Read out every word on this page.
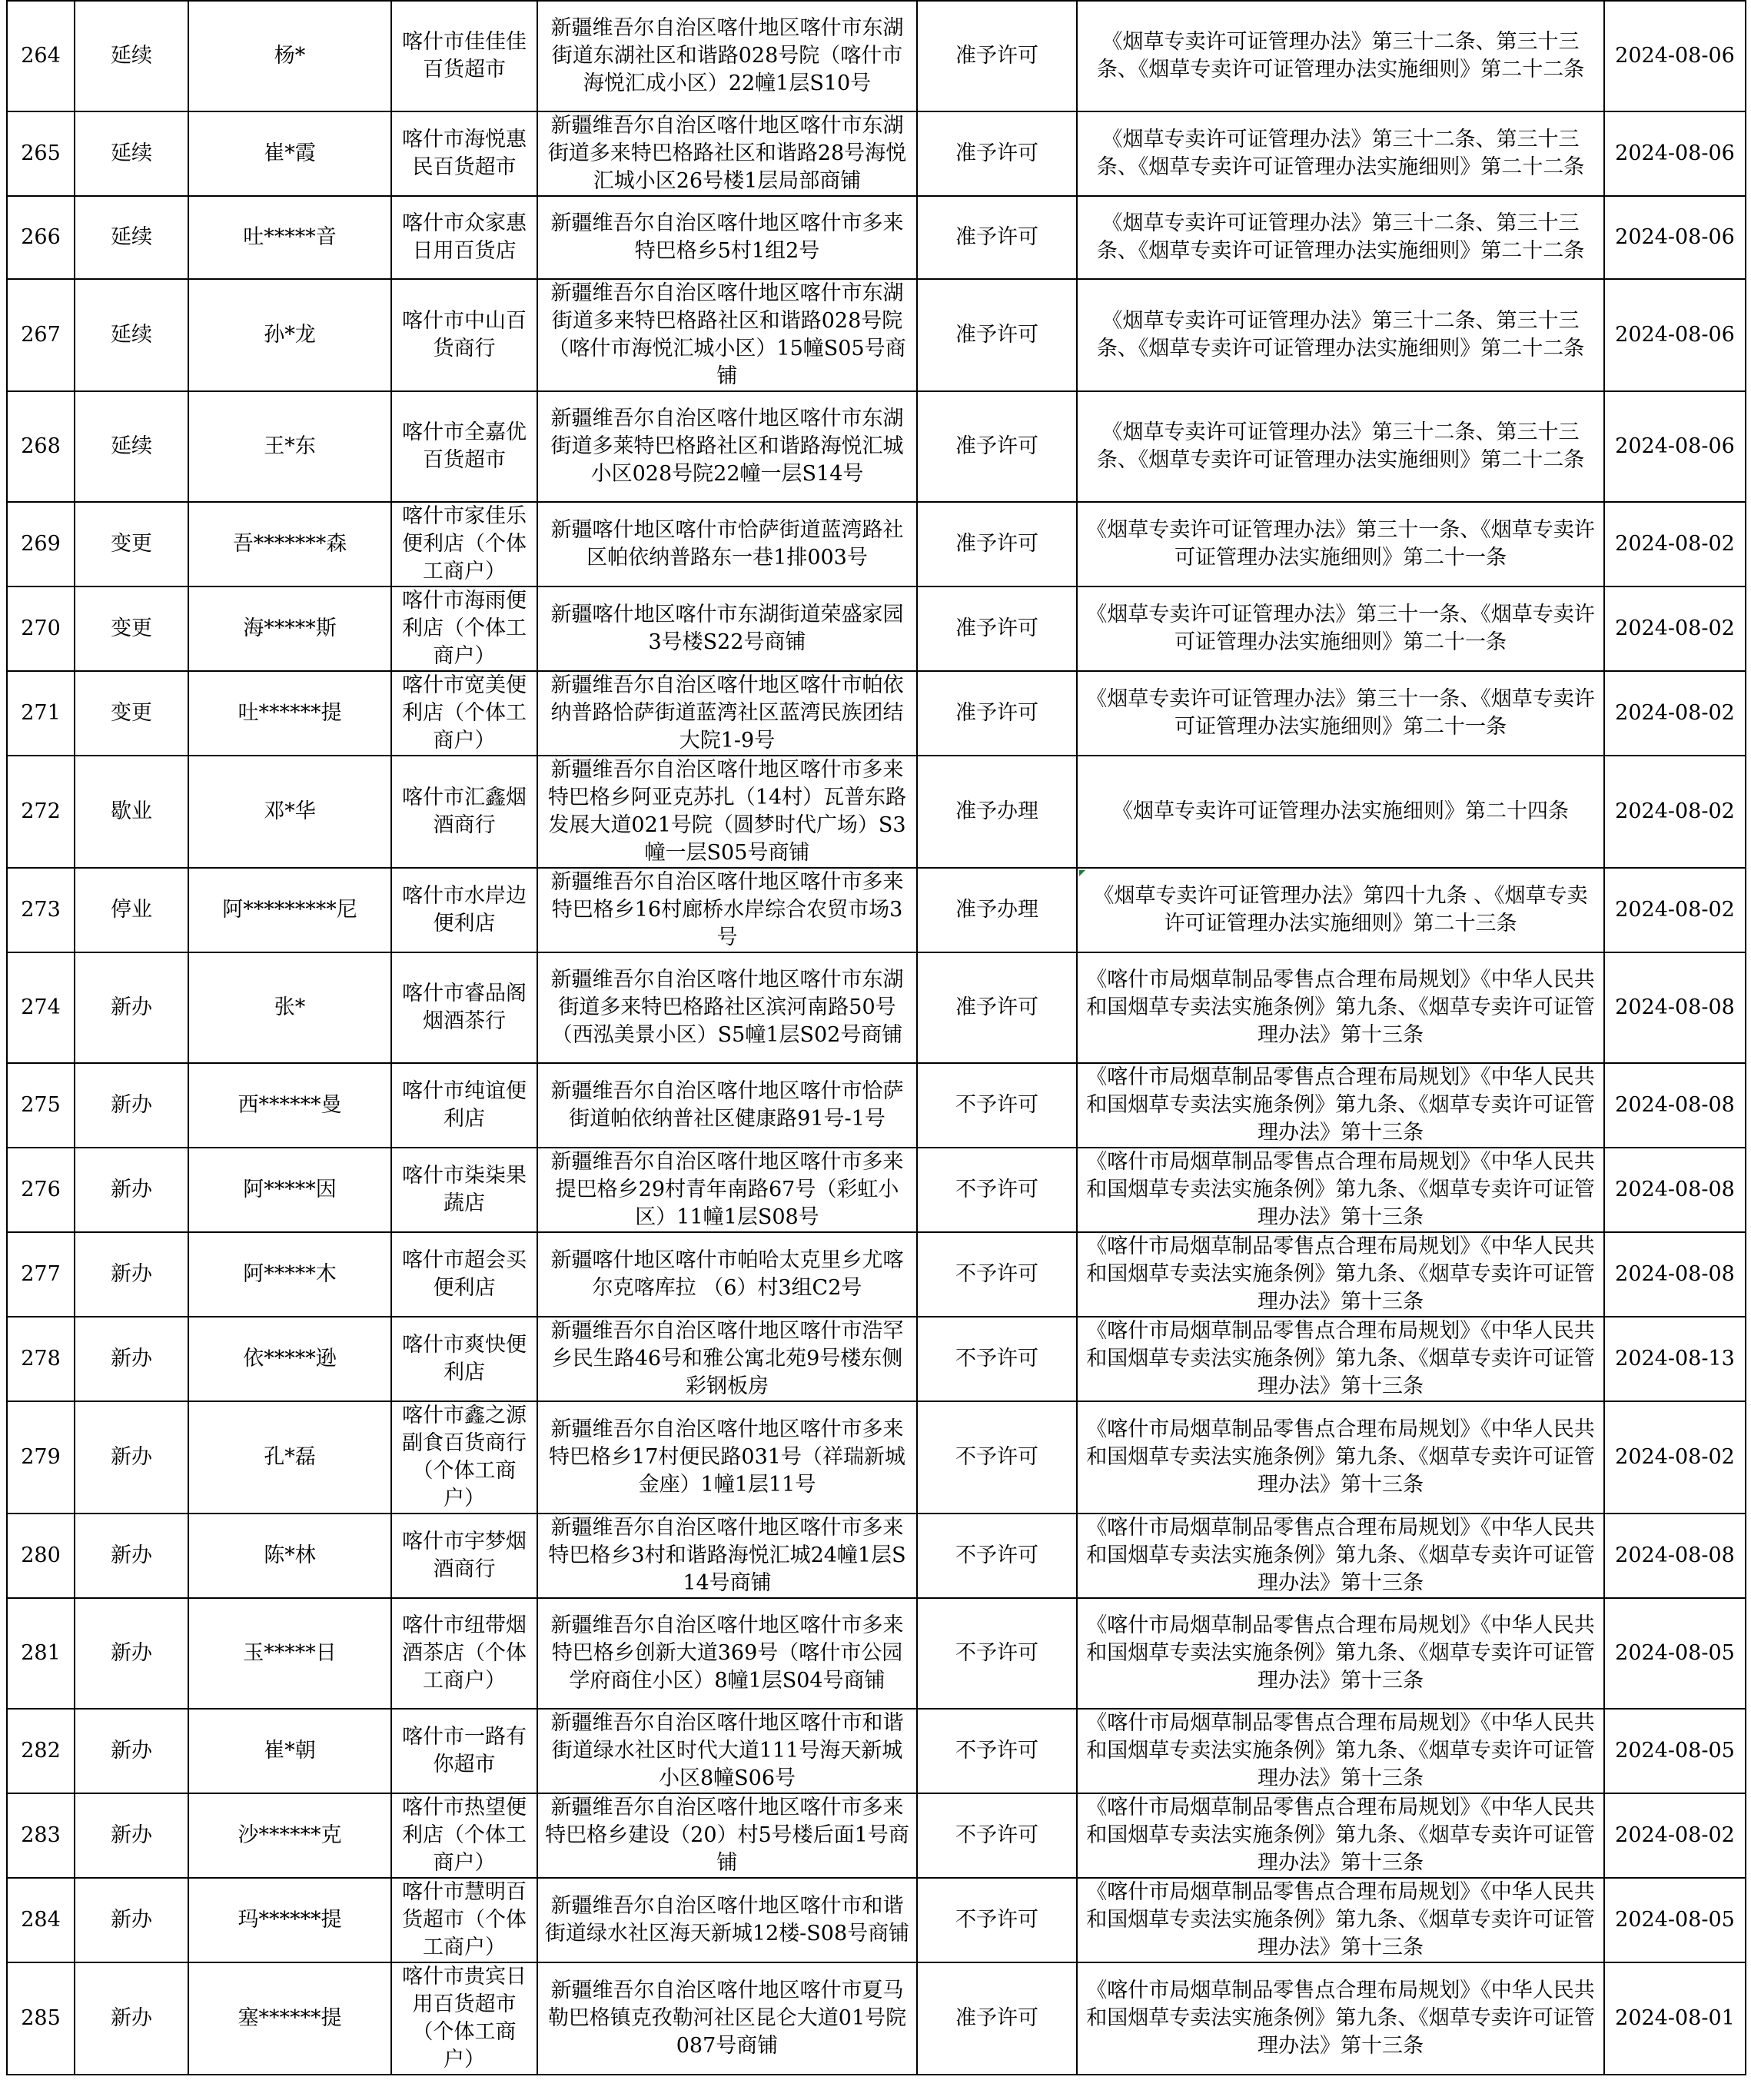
264	延续	杨*	喀什市佳佳佳百货超市	新疆维吾尔自治区喀什地区喀什市东湖街道东湖社区和谐路028号院（喀什市海悦汇成小区）22幢1层S10号	准予许可	《烟草专卖许可证管理办法》第三十二条、第三十三条、《烟草专卖许可证管理办法实施细则》第二十二条	2024-08-06
265	延续	崔*霞	喀什市海悦惠民百货超市	新疆维吾尔自治区喀什地区喀什市东湖街道多来特巴格路社区和谐路28号海悦汇城小区26号楼1层局部商铺	准予许可	《烟草专卖许可证管理办法》第三十二条、第三十三条、《烟草专卖许可证管理办法实施细则》第二十二条	2024-08-06
266	延续	吐*****音	喀什市众家惠日用百货店	新疆维吾尔自治区喀什地区喀什市多来特巴格乡5村1组2号	准予许可	《烟草专卖许可证管理办法》第三十二条、第三十三条、《烟草专卖许可证管理办法实施细则》第二十二条	2024-08-06
267	延续	孙*龙	喀什市中山百货商行	新疆维吾尔自治区喀什地区喀什市东湖街道多来特巴格路社区和谐路028号院（喀什市海悦汇城小区）15幢S05号商铺	准予许可	《烟草专卖许可证管理办法》第三十二条、第三十三条、《烟草专卖许可证管理办法实施细则》第二十二条	2024-08-06
268	延续	王*东	喀什市全嘉优百货超市	新疆维吾尔自治区喀什地区喀什市东湖街道多莱特巴格路社区和谐路海悦汇城小区028号院22幢一层S14号	准予许可	《烟草专卖许可证管理办法》第三十二条、第三十三条、《烟草专卖许可证管理办法实施细则》第二十二条	2024-08-06
269	变更	吾*******森	喀什市家佳乐便利店（个体工商户）	新疆喀什地区喀什市恰萨街道蓝湾路社区帕依纳普路东一巷1排003号	准予许可	《烟草专卖许可证管理办法》第三十一条、《烟草专卖许可证管理办法实施细则》第二十一条	2024-08-02
270	变更	海*****斯	喀什市海雨便利店（个体工商户）	新疆喀什地区喀什市东湖街道荣盛家园3号楼S22号商铺	准予许可	《烟草专卖许可证管理办法》第三十一条、《烟草专卖许可证管理办法实施细则》第二十一条	2024-08-02
271	变更	吐******提	喀什市宽美便利店（个体工商户）	新疆维吾尔自治区喀什地区喀什市帕依纳普路恰萨街道蓝湾社区蓝湾民族团结大院1-9号	准予许可	《烟草专卖许可证管理办法》第三十一条、《烟草专卖许可证管理办法实施细则》第二十一条	2024-08-02
272	歇业	邓*华	喀什市汇鑫烟酒商行	新疆维吾尔自治区喀什地区喀什市多来特巴格乡阿亚克苏扎（14村）瓦普东路发展大道021号院（圆梦时代广场）S3幢一层S05号商铺	准予办理	《烟草专卖许可证管理办法实施细则》第二十四条	2024-08-02
273	停业	阿*********尼	喀什市水岸边便利店	新疆维吾尔自治区喀什地区喀什市多来特巴格乡16村廊桥水岸综合农贸市场3号	准予办理	《烟草专卖许可证管理办法》第四十九条 、《烟草专卖许可证管理办法实施细则》第二十三条	2024-08-02
274	新办	张*	喀什市睿品阁烟酒茶行	新疆维吾尔自治区喀什地区喀什市东湖街道多来特巴格路社区滨河南路50号（西泓美景小区）S5幢1层S02号商铺	准予许可	《喀什市局烟草制品零售点合理布局规划》《中华人民共和国烟草专卖法实施条例》第九条、《烟草专卖许可证管理办法》第十三条	2024-08-08
275	新办	西******曼	喀什市纯谊便利店	新疆维吾尔自治区喀什地区喀什市恰萨街道帕依纳普社区健康路91号-1号	不予许可	《喀什市局烟草制品零售点合理布局规划》《中华人民共和国烟草专卖法实施条例》第九条、《烟草专卖许可证管理办法》第十三条	2024-08-08
276	新办	阿*****因	喀什市柒柒果蔬店	新疆维吾尔自治区喀什地区喀什市多来提巴格乡29村青年南路67号（彩虹小区）11幢1层S08号	不予许可	《喀什市局烟草制品零售点合理布局规划》《中华人民共和国烟草专卖法实施条例》第九条、《烟草专卖许可证管理办法》第十三条	2024-08-08
277	新办	阿*****木	喀什市超会买便利店	新疆喀什地区喀什市帕哈太克里乡尤喀尔克喀库拉 （6）村3组C2号	不予许可	《喀什市局烟草制品零售点合理布局规划》《中华人民共和国烟草专卖法实施条例》第九条、《烟草专卖许可证管理办法》第十三条	2024-08-08
278	新办	依*****逊	喀什市爽快便利店	新疆维吾尔自治区喀什地区喀什市浩罕乡民生路46号和雅公寓北苑9号楼东侧彩钢板房	不予许可	《喀什市局烟草制品零售点合理布局规划》《中华人民共和国烟草专卖法实施条例》第九条、《烟草专卖许可证管理办法》第十三条	2024-08-13
279	新办	孔*磊	喀什市鑫之源副食百货商行（个体工商户）	新疆维吾尔自治区喀什地区喀什市多来特巴格乡17村便民路031号（祥瑞新城金座）1幢1层11号	不予许可	《喀什市局烟草制品零售点合理布局规划》《中华人民共和国烟草专卖法实施条例》第九条、《烟草专卖许可证管理办法》第十三条	2024-08-02
280	新办	陈*林	喀什市宇梦烟酒商行	新疆维吾尔自治区喀什地区喀什市多来特巴格乡3村和谐路海悦汇城24幢1层S14号商铺	不予许可	《喀什市局烟草制品零售点合理布局规划》《中华人民共和国烟草专卖法实施条例》第九条、《烟草专卖许可证管理办法》第十三条	2024-08-08
281	新办	玉*****日	喀什市纽带烟酒茶店（个体工商户）	新疆维吾尔自治区喀什地区喀什市多来特巴格乡创新大道369号（喀什市公园学府商住小区）8幢1层S04号商铺	不予许可	《喀什市局烟草制品零售点合理布局规划》《中华人民共和国烟草专卖法实施条例》第九条、《烟草专卖许可证管理办法》第十三条	2024-08-05
282	新办	崔*朝	喀什市一路有你超市	新疆维吾尔自治区喀什地区喀什市和谐街道绿水社区时代大道111号海天新城小区8幢S06号	不予许可	《喀什市局烟草制品零售点合理布局规划》《中华人民共和国烟草专卖法实施条例》第九条、《烟草专卖许可证管理办法》第十三条	2024-08-05
283	新办	沙******克	喀什市热望便利店（个体工商户）	新疆维吾尔自治区喀什地区喀什市多来特巴格乡建设（20）村5号楼后面1号商铺	不予许可	《喀什市局烟草制品零售点合理布局规划》《中华人民共和国烟草专卖法实施条例》第九条、《烟草专卖许可证管理办法》第十三条	2024-08-02
284	新办	玛******提	喀什市慧明百货超市（个体工商户）	新疆维吾尔自治区喀什地区喀什市和谐街道绿水社区海天新城12楼-S08号商铺	不予许可	《喀什市局烟草制品零售点合理布局规划》《中华人民共和国烟草专卖法实施条例》第九条、《烟草专卖许可证管理办法》第十三条	2024-08-05
285	新办	塞******提	喀什市贵宾日用百货超市（个体工商户）	新疆维吾尔自治区喀什地区喀什市夏马勒巴格镇克孜勒河社区昆仑大道01号院087号商铺	准予许可	《喀什市局烟草制品零售点合理布局规划》《中华人民共和国烟草专卖法实施条例》第九条、《烟草专卖许可证管理办法》第十三条	2024-08-01
